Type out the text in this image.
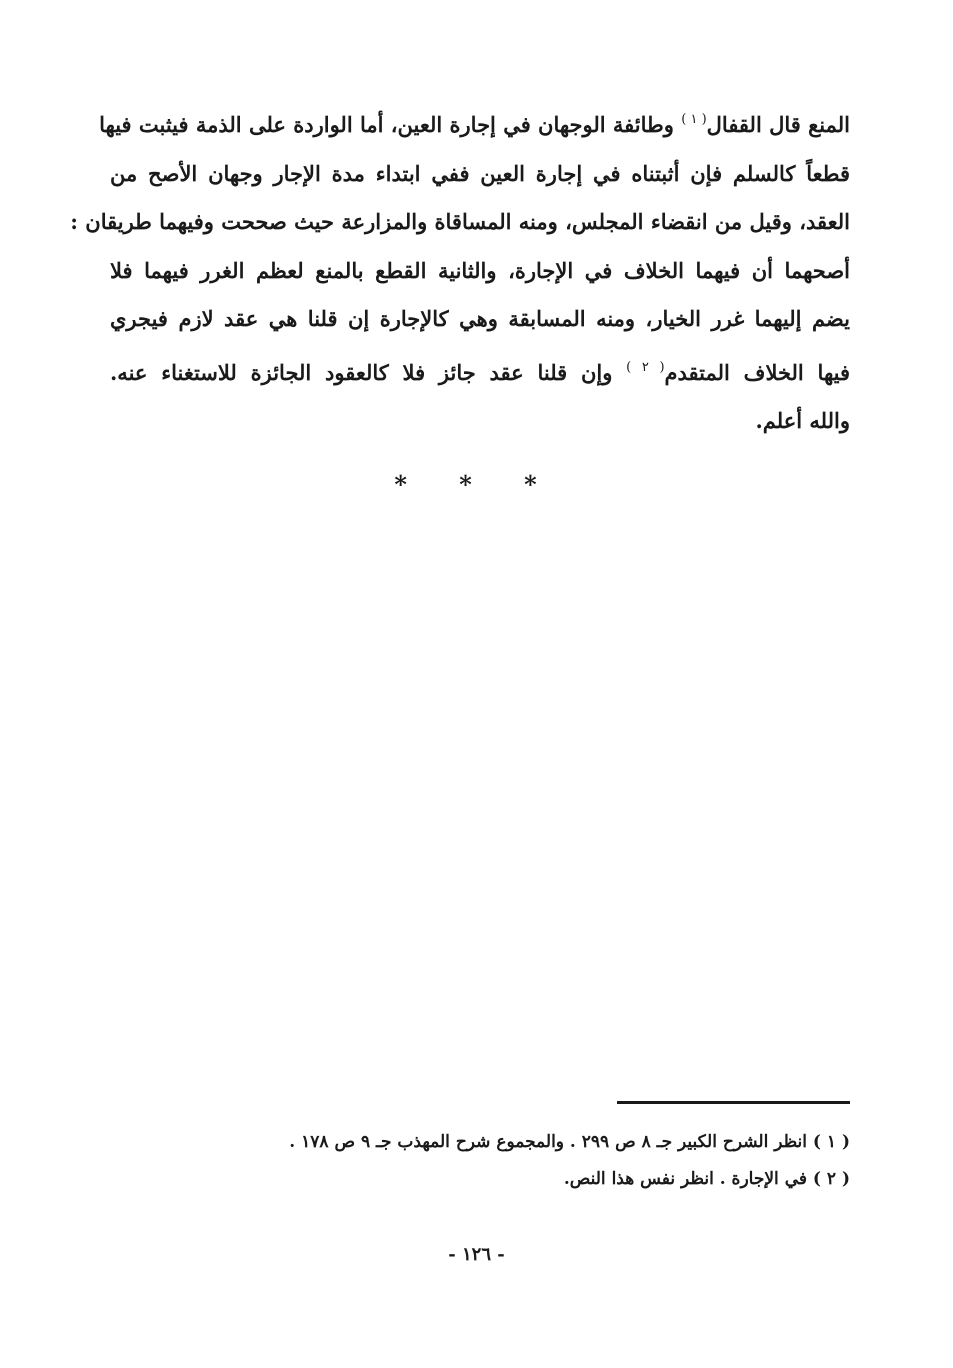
المنع قال القفال$^{( ١ )}$ وطائفة الوجهان في إجارة العين، أما الواردة على الذمة فيثبت فيها
قطعاً كالسلم فإن أثبتناه في إجارة العين ففي ابتداء مدة الإجار وجهان الأصح من
العقد، وقيل من انقضاء المجلس، ومنه المساقاة والمزارعة حيث صححت وفيهما طريقان :
أصحهما أن فيهما الخلاف في الإجارة، والثانية القطع بالمنع لعظم الغرر فيهما فلا
يضم إليهما غرر الخيار، ومنه المسابقة وهي كالإجارة إن قلنا هي عقد لازم فيجري
فيها الخلاف المتقدم$^{( ٢ )}$ وإن قلنا عقد جائز فلا كالعقود الجائزة للاستغناء عنه.
والله أعلم.
* * *
( ١ ) انظر الشرح الكبير جـ ٨ ص ٢٩٩ . والمجموع شرح المهذب جـ ٩ ص ١٧٨ .
( ٢ ) في الإجارة . انظر نفس هذا النص.
- ١٢٦ -
